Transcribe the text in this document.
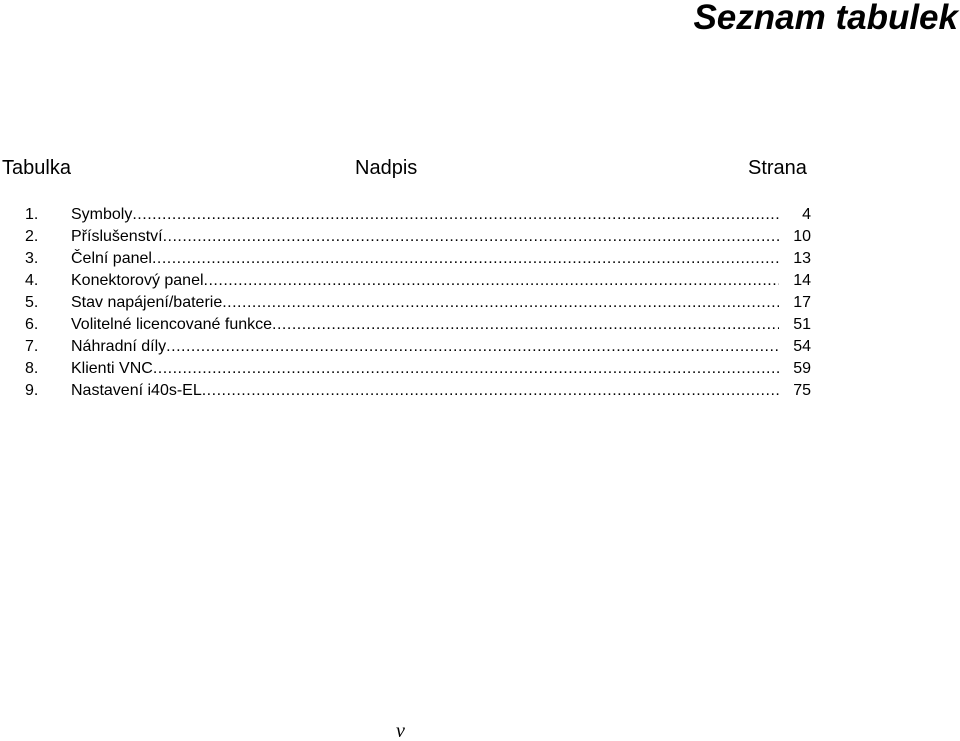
Seznam tabulek
Tabulka	Nadpis	Strana
1. Symboly .....	4
2. Příslušenství .....	10
3. Čelní panel .....	13
4. Konektorový panel .....	14
5. Stav napájení/baterie .....	17
6. Volitelné licencované funkce .....	51
7. Náhradní díly .....	54
8. Klienti VNC .....	59
9. Nastavení i40s-EL .....	75
v
